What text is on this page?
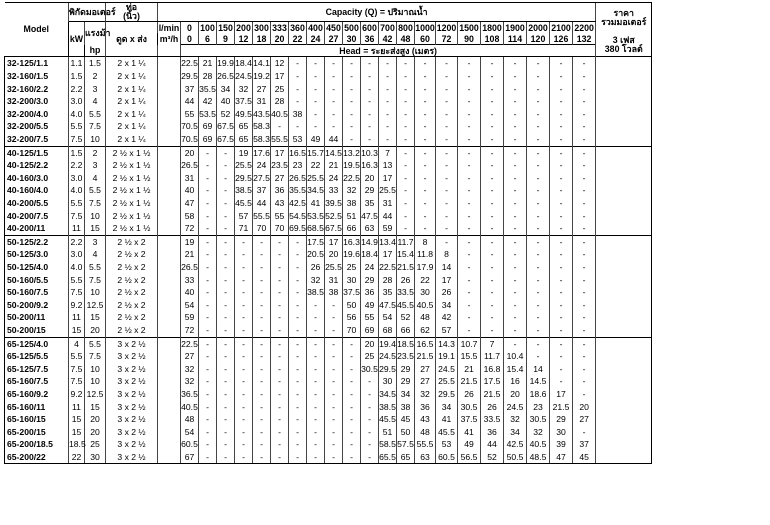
Model	พิกัดมอเตอร์		ท่อ
(นิ้ว)	Capacity (Q) = ปริมาณน้ำ																						ราคา
รวมมอเตอร์
	kW	แรงม้า	ดูด x ส่ง	l/min	0	100	150	200	300	333	360	400	450	500	600	700	800	1000	1200	1500	1800	1900	2000	2100	2200	
				m³/h	0	6	9	12	18	20	22	24	27	30	36	42	48	60	72	90	108	114	120	126	132	3 เฟส
380 โวลต์
		hp			Head = ระยะส่งสูง (เมตร)																					
32-125/1.1	1.1	1.5	2 x 1 ¼		22.5	21	19.9	18.4	14.1	12	-	-	-	-	-	-	-	-	-	-	-	-	-	-	-	
32-160/1.5	1.5	2	2 x 1 ¼		29.5	28	26.5	24.5	19.2	17	-	-	-	-	-	-	-	-	-	-	-	-	-	-	-	
32-160/2.2	2.2	3	2 x 1 ¼		37	35.5	34	32	27	25	-	-	-	-	-	-	-	-	-	-	-	-	-	-	-	
32-200/3.0	3.0	4	2 x 1 ¼		44	42	40	37.5	31	28	-	-	-	-	-	-	-	-	-	-	-	-	-	-	-	
32-200/4.0	4.0	5.5	2 x 1 ¼		55	53.5	52	49.5	43.5	40.5	38	-	-	-	-	-	-	-	-	-	-	-	-	-	-	
32-200/5.5	5.5	7.5	2 x 1 ¼		70.5	69	67.5	65	58.3	-	-	-	-	-	-	-	-	-	-	-	-	-	-	-	-	
32-200/7.5	7.5	10	2 x 1 ¼		70.5	69	67.5	65	58.3	55.5	53	49	44	-	-	-	-	-	-	-	-	-	-	-	-	
40-125/1.5	1.5	2	2 ½ x 1 ½		20	-	-	19	17.6	17	16.5	15.7	14.5	13.2	10.3	7	-	-	-	-	-	-	-	-	-	
40-125/2.2	2.2	3	2 ½ x 1 ½		26.5	-	-	25.5	24	23.5	23	22	21	19.5	16.3	13	-	-	-	-	-	-	-	-	-	
40-160/3.0	3.0	4	2 ½ x 1 ½		31	-	-	29.5	27.5	27	26.5	25.5	24	22.5	20	17	-	-	-	-	-	-	-	-	-	
40-160/4.0	4.0	5.5	2 ½ x 1 ½		40	-	-	38.5	37	36	35.5	34.5	33	32	29	25.5	-	-	-	-	-	-	-	-	-	
40-200/5.5	5.5	7.5	2 ½ x 1 ½		47	-	-	45.5	44	43	42.5	41	39.5	38	35	31	-	-	-	-	-	-	-	-	-	
40-200/7.5	7.5	10	2 ½ x 1 ½		58	-	-	57	55.5	55	54.5	53.5	52.5	51	47.5	44	-	-	-	-	-	-	-	-	-	
40-200/11	11	15	2 ½ x 1 ½		72	-	-	71	70	70	69.5	68.5	67.5	66	63	59	-	-	-	-	-	-	-	-	-	
50-125/2.2	2.2	3	2 ½ x 2		19	-	-	-	-	-	-	17.5	17	16.3	14.9	13.4	11.7	8	-	-	-	-	-	-	-	
50-125/3.0	3.0	4	2 ½ x 2		21	-	-	-	-	-	-	20.5	20	19.6	18.4	17	15.4	11.8	8	-	-	-	-	-	-	
50-125/4.0	4.0	5.5	2 ½ x 2		26.5	-	-	-	-	-	-	26	25.5	25	24	22.5	21.5	17.9	14	-	-	-	-	-	-	
50-160/5.5	5.5	7.5	2 ½ x 2		33	-	-	-	-	-	-	32	31	30	29	28	26	22	17	-	-	-	-	-	-	
50-160/7.5	7.5	10	2 ½ x 2		40	-	-	-	-	-	-	38.5	38	37.5	36	35	33.5	30	26	-	-	-	-	-	-	
50-200/9.2	9.2	12.5	2 ½ x 2		54	-	-	-	-	-	-	-	-	50	49	47.5	45.5	40.5	34	-	-	-	-	-	-	
50-200/11	11	15	2 ½ x 2		59	-	-	-	-	-	-	-	-	56	55	54	52	48	42	-	-	-	-	-	-	
50-200/15	15	20	2 ½ x 2		72	-	-	-	-	-	-	-	-	70	69	68	66	62	57	-	-	-	-	-	-	
65-125/4.0	4	5.5	3 x 2 ½		22.5	-	-	-	-	-	-	-	-	-	20	19.4	18.5	16.5	14.3	10.7	7	-	-	-	-	
65-125/5.5	5.5	7.5	3 x 2 ½		27	-	-	-	-	-	-	-	-	-	25	24.5	23.5	21.5	19.1	15.5	11.7	10.4	-	-	-	
65-125/7.5	7.5	10	3 x 2 ½		32	-	-	-	-	-	-	-	-	-	30.5	29.5	29	27	24.5	21	16.8	15.4	14	-	-	
65-160/7.5	7.5	10	3 x 2 ½		32	-	-	-	-	-	-	-	-	-	-	30	29	27	25.5	21.5	17.5	16	14.5	-	-	
65-160/9.2	9.2	12.5	3 x 2 ½		36.5	-	-	-	-	-	-	-	-	-	-	34.5	34	32	29.5	26	21.5	20	18.6	17	-	
65-160/11	11	15	3 x 2 ½		40.5	-	-	-	-	-	-	-	-	-	-	38.5	38	36	34	30.5	26	24.5	23	21.5	20	
65-160/15	15	20	3 x 2 ½		48	-	-	-	-	-	-	-	-	-	-	45.5	45	43	41	37.5	33.5	32	30.5	29	27	
65-200/15	15	20	3 x 2 ½		54	-	-	-	-	-	-	-	-	-	-	51	50	48	45.5	41	36	34	32	30	-	
65-200/18.5	18.5	25	3 x 2 ½		60.5	-	-	-	-	-	-	-	-	-	-	58.5	57.5	55.5	53	49	44	42.5	40.5	39	37	
65-200/22	22	30	3 x 2 ½		67	-	-	-	-	-	-	-	-	-	-	65.5	65	63	60.5	56.5	52	50.5	48.5	47	45	
